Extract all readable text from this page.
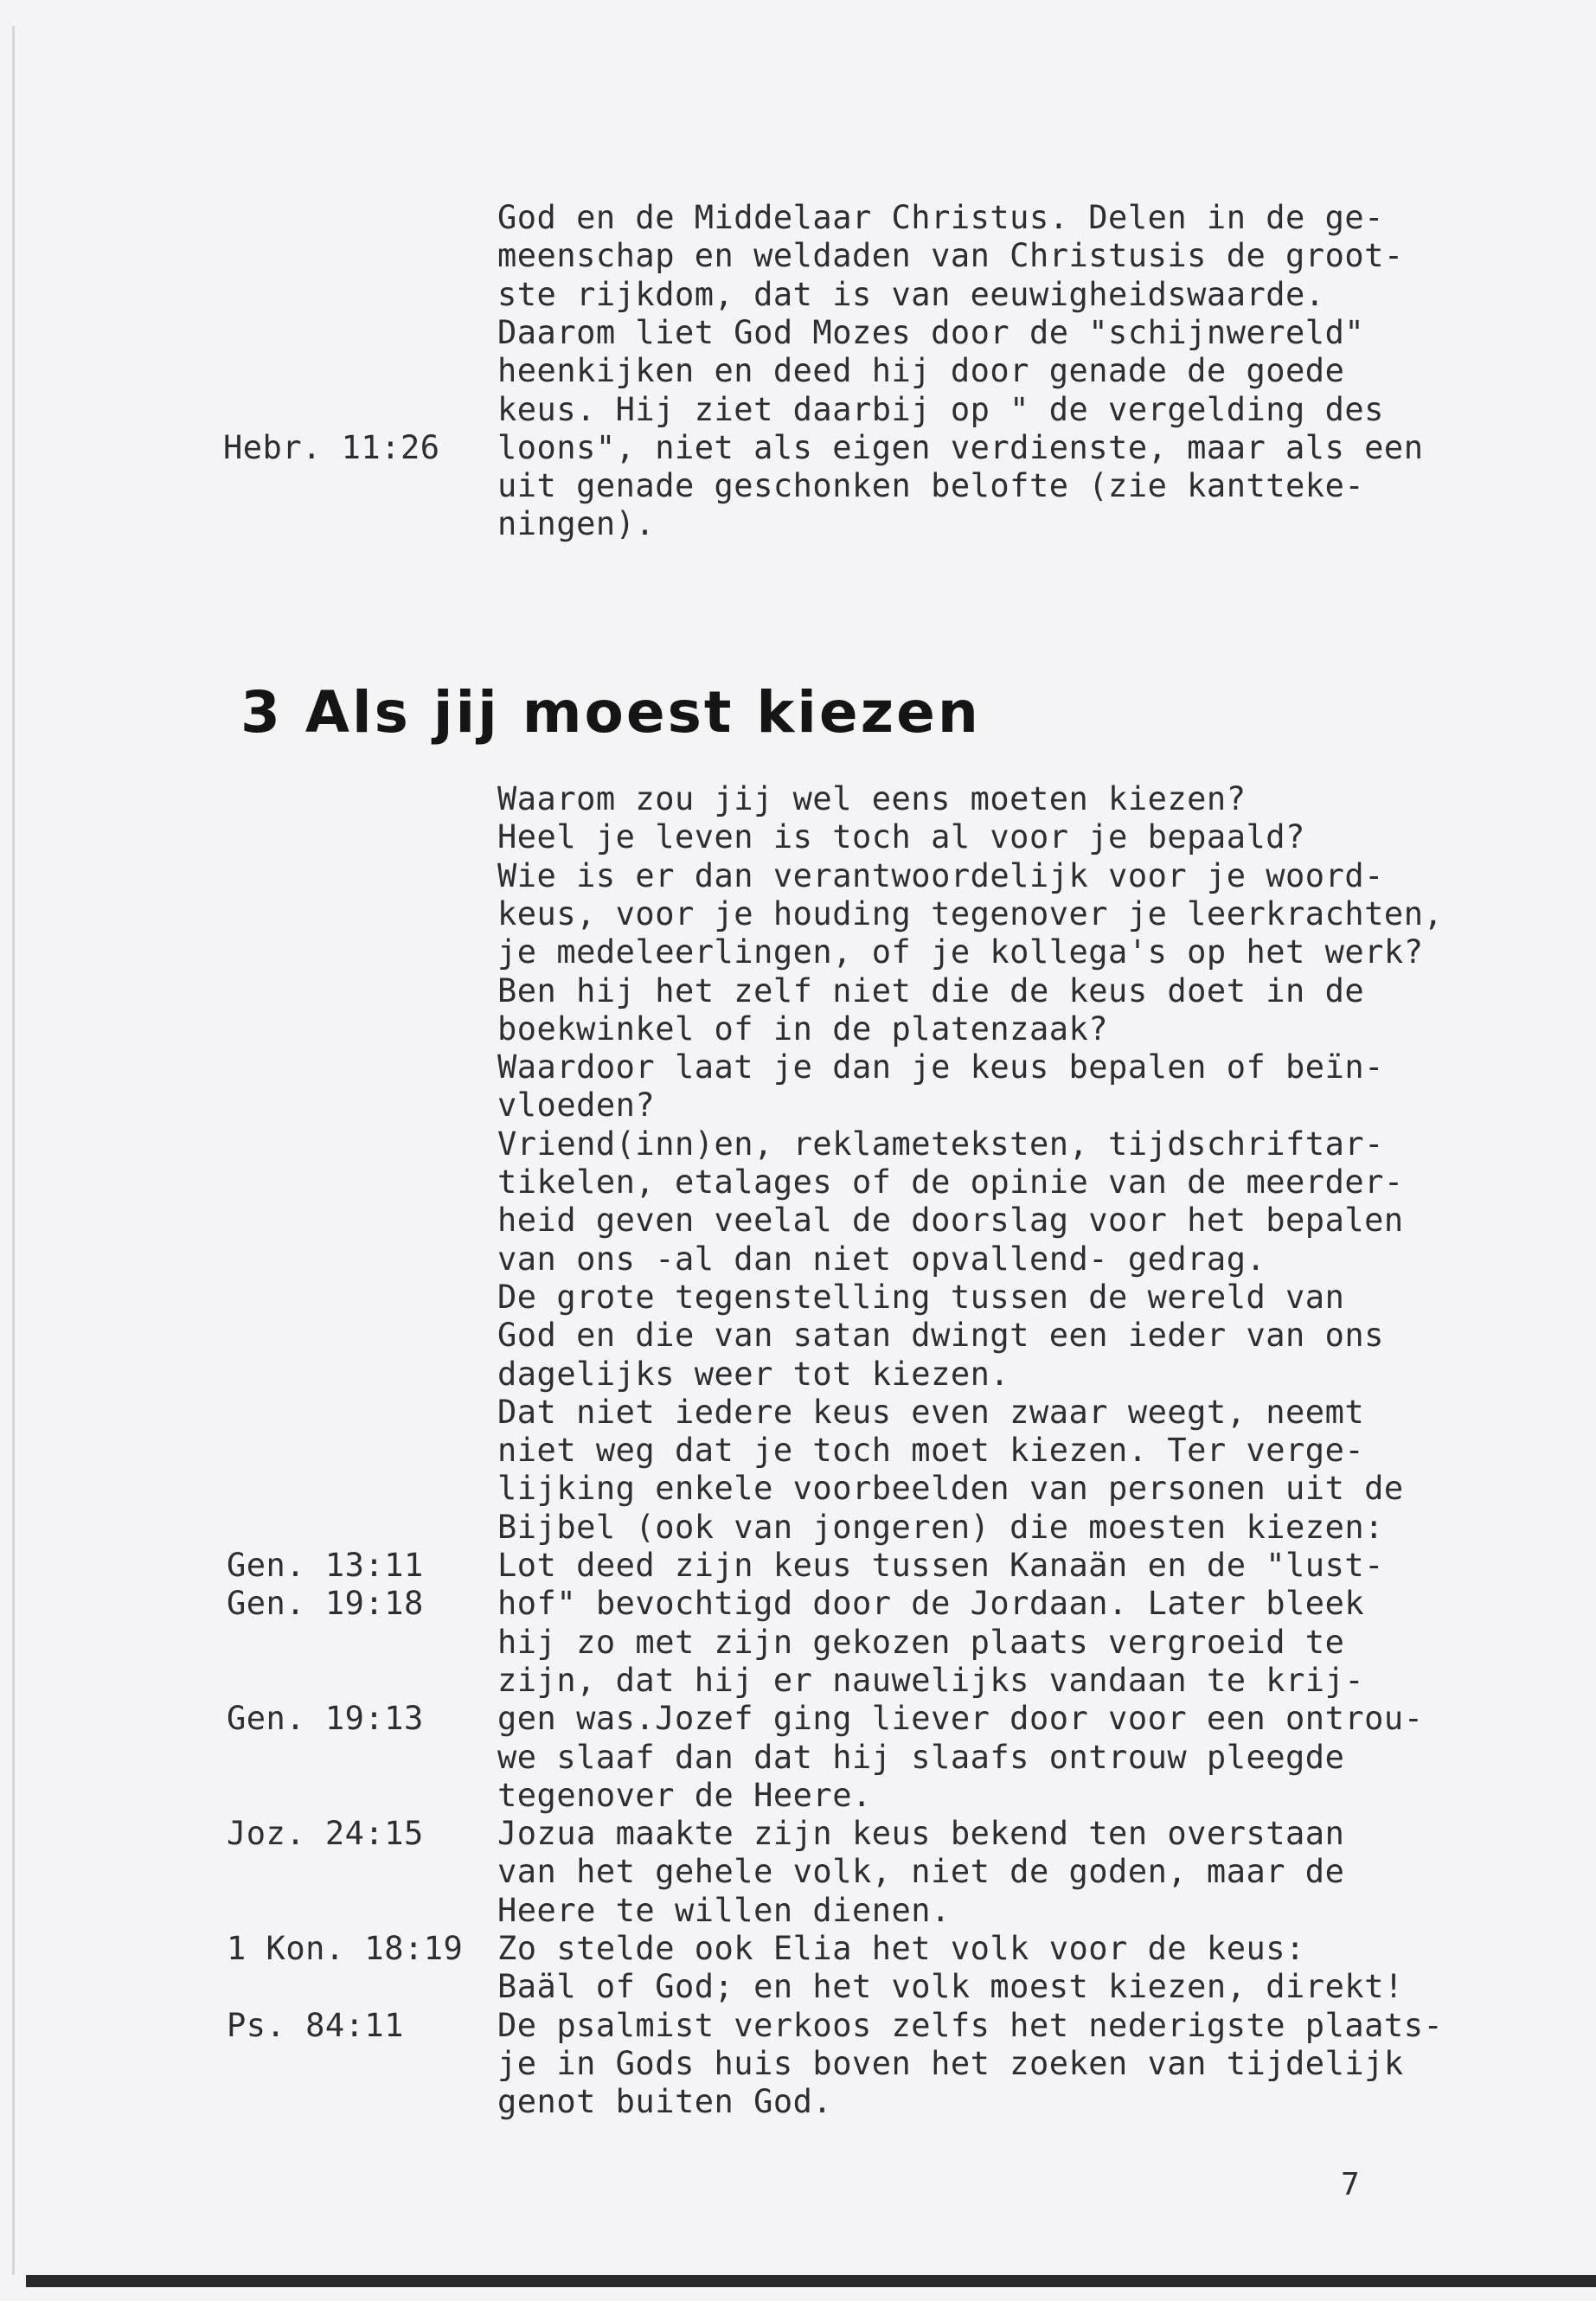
God en de Middelaar Christus. Delen in de ge-
meenschap en weldaden van Christusis de groot-
ste rijkdom, dat is van eeuwigheidswaarde.
Daarom liet God Mozes door de "schijnwereld"
heenkijken en deed hij door genade de goede
keus. Hij ziet daarbij op " de vergelding des
loons", niet als eigen verdienste, maar als een
uit genade geschonken belofte (zie kantteke-
ningen).
Hebr. 11:26
3 Als jij moest kiezen
Waarom zou jij wel eens moeten kiezen?
Heel je leven is toch al voor je bepaald?
Wie is er dan verantwoordelijk voor je woord-
keus, voor je houding tegenover je leerkrachten,
je medeleerlingen, of je kollega's op het werk?
Ben hij het zelf niet die de keus doet in de
boekwinkel of in de platenzaak?
Waardoor laat je dan je keus bepalen of beïn-
vloeden?
Vriend(inn)en, reklameteksten, tijdschriftar-
tikelen, etalages of de opinie van de meerder-
heid geven veelal de doorslag voor het bepalen
van ons -al dan niet opvallend- gedrag.
De grote tegenstelling tussen de wereld van
God en die van satan dwingt een ieder van ons
dagelijks weer tot kiezen.
Dat niet iedere keus even zwaar weegt, neemt
niet weg dat je toch moet kiezen. Ter verge-
lijking enkele voorbeelden van personen uit de
Bijbel (ook van jongeren) die moesten kiezen:
Lot deed zijn keus tussen Kanaän en de "lust-
hof" bevochtigd door de Jordaan. Later bleek
hij zo met zijn gekozen plaats vergroeid te
zijn, dat hij er nauwelijks vandaan te krij-
gen was.Jozef ging liever door voor een ontrou-
we slaaf dan dat hij slaafs ontrouw pleegde
tegenover de Heere.
Jozua maakte zijn keus bekend ten overstaan
van het gehele volk, niet de goden, maar de
Heere te willen dienen.
Zo stelde ook Elia het volk voor de keus:
Baäl of God; en het volk moest kiezen, direkt!
De psalmist verkoos zelfs het nederigste plaats-
je in Gods huis boven het zoeken van tijdelijk
genot buiten God.
Gen. 13:11
Gen. 19:18
Gen. 19:13
Joz. 24:15
1 Kon. 18:19
Ps. 84:11
7
